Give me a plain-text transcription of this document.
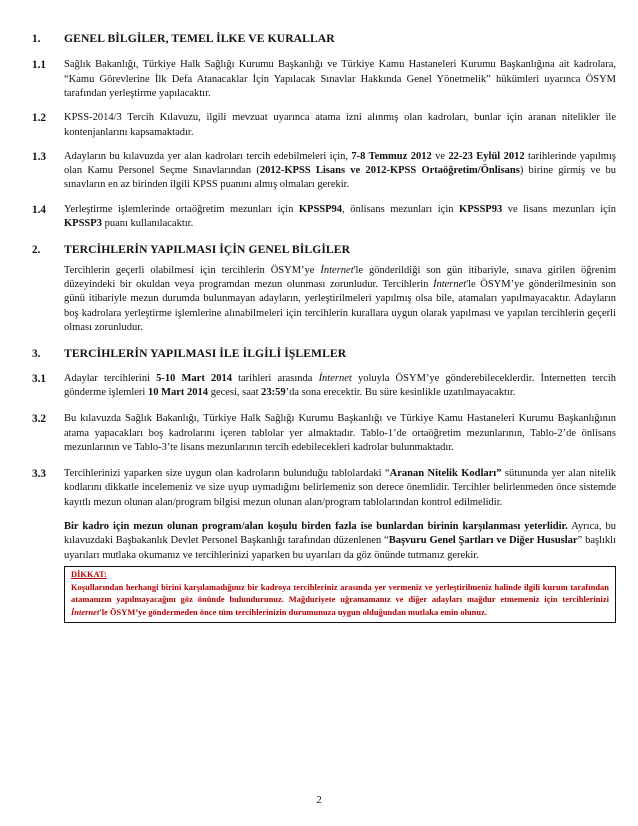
1.	GENEL BİLGİLER, TEMEL İLKE VE KURALLAR
1.1	Sağlık Bakanlığı, Türkiye Halk Sağlığı Kurumu Başkanlığı ve Türkiye Kamu Hastaneleri Kurumu Başkanlığına ait kadrolara, “Kamu Görevlerine İlk Defa Atanacaklar İçin Yapılacak Sınavlar Hakkında Genel Yönetmelik” hükümleri uyarınca ÖSYM tarafından yerleştirme yapılacaktır.
1.2	KPSS-2014/3 Tercih Kılavuzu, ilgili mevzuat uyarınca atama izni alınmış olan kadroları, bunlar için aranan nitelikler ile kontenjanlarını kapsamaktadır.
1.3	Adayların bu kılavuzda yer alan kadroları tercih edebilmeleri için, 7-8 Temmuz 2012 ve 22-23 Eylül 2012 tarihlerinde yapılmış olan Kamu Personel Seçme Sınavlarından (2012-KPSS Lisans ve 2012-KPSS Ortaöğretim/Önlisans) birine girmiş ve bu sınavların en az birinden ilgili KPSS puanını almış olmaları gerekir.
1.4	Yerleştirme işlemlerinde ortaöğretim mezunları için KPSSP94, önlisans mezunları için KPSSP93 ve lisans mezunları için KPSSP3 puanı kullanılacaktır.
2.	TERCİHLERİN YAPILMASI İÇİN GENEL BİLGİLER
Tercihlerin geçerli olabilmesi için tercihlerin ÖSYM’ye İnternet'le gönderildiği son gün itibariyle, sınava girilen öğrenim düzeyindeki bir okuldan veya programdan mezun olunması zorunludur. Tercihlerin İnternet'le ÖSYM’ye gönderilmesinin son günü itibariyle mezun durumda bulunmayan adayların, yerleştirilmeleri yapılmış olsa bile, atamaları yapılmayacaktır. Adayların boş kadrolara yerleştirme işlemlerine alınabilmeleri için tercihlerin kurallara uygun olarak yapılması ve yapılan tercihlerin geçerli olması zorunludur.
3.	TERCİHLERİN YAPILMASI İLE İLGİLİ İŞLEMLER
3.1	Adaylar tercihlerini 5-10 Mart 2014 tarihleri arasında İnternet yoluyla ÖSYM’ye gönderebileceklerdir. İnternetten tercih gönderme işlemleri 10 Mart 2014 gecesi, saat 23:59’da sona erecektir. Bu süre kesinlikle uzatılmayacaktır.
3.2	Bu kılavuzda Sağlık Bakanlığı, Türkiye Halk Sağlığı Kurumu Başkanlığı ve Türkiye Kamu Hastaneleri Kurumu Başkanlığının atama yapacakları boş kadrolarını içeren tablolar yer almaktadır. Tablo-1’de ortaöğretim mezunlarının, Tablo-2’de önlisans mezunlarının ve Tablo-3’te lisans mezunlarının tercih edebilecekleri kadrolar bulunmaktadır.
3.3	Tercihlerinizi yaparken size uygun olan kadroların bulunduğu tablolardaki “Aranan Nitelik Kodları” sütununda yer alan nitelik kodlarını dikkatle incelemeniz ve size uyup uymadığını belirlemeniz son derece önemlidir. Tercihler belirlenmeden önce sistemde kayıtlı mezun olunan alan/program bilgisi mezun olunan alan/program tablolarından kontrol edilmelidir.
Bir kadro için mezun olunan program/alan koşulu birden fazla ise bunlardan birinin karşılanması yeterlidir. Ayrıca, bu kılavuzdaki Başbakanlık Devlet Personel Başkanlığı tarafından düzenlenen “Başvuru Genel Şartları ve Diğer Hususlar” başlıklı uyarıları mutlaka okumanız ve tercihlerinizi yaparken bu uyarıları da göz önünde tutmanız gerekir.
DİKKAT:
Koşullarından herhangi birini karşılamadığınız bir kadroya tercihleriniz arasında yer vermeniz ve yerleştirilmeniz halinde ilgili kurum tarafından atamanızın yapılmayacağını göz önünde bulundurunuz. Mağduriyete uğramamanız ve diğer adayları mağdur etmemeniz için tercihlerinizi İnternet'le ÖSYM’ye göndermeden önce tüm tercihlerinizin durumunuza uygun olduğundan mutlaka emin olunuz.
2
